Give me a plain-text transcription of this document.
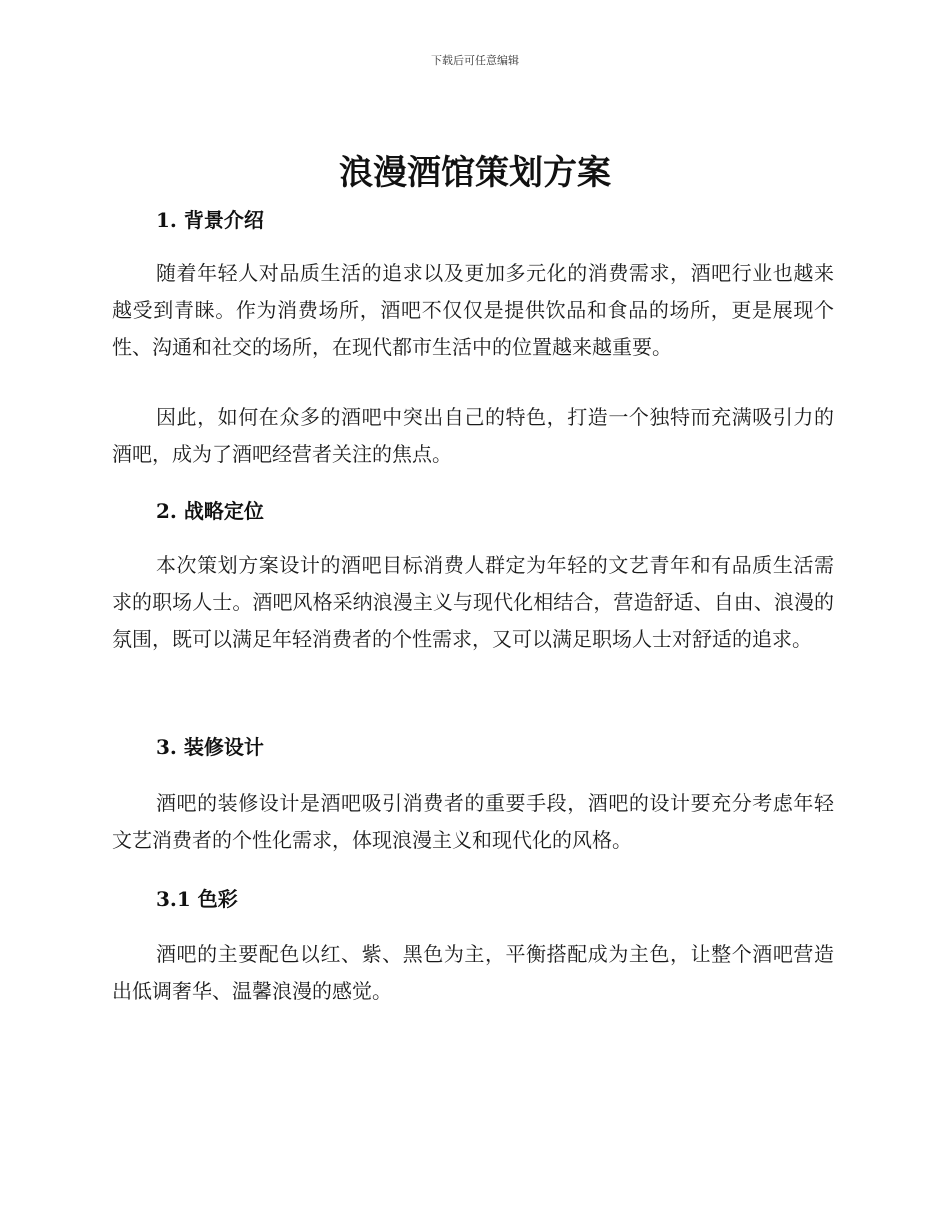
下载后可任意编辑
浪漫酒馆策划方案
1. 背景介绍

随着年轻人对品质生活的追求以及更加多元化的消费需求，酒吧行业也越来越受到青睐。作为消费场所，酒吧不仅仅是提供饮品和食品的场所，更是展现个性、沟通和社交的场所，在现代都市生活中的位置越来越重要。

因此，如何在众多的酒吧中突出自己的特色，打造一个独特而充满吸引力的酒吧，成为了酒吧经营者关注的焦点。

2. 战略定位

本次策划方案设计的酒吧目标消费人群定为年轻的文艺青年和有品质生活需求的职场人士。酒吧风格采纳浪漫主义与现代化相结合，营造舒适、自由、浪漫的氛围，既可以满足年轻消费者的个性需求，又可以满足职场人士对舒适的追求。

3. 装修设计

酒吧的装修设计是酒吧吸引消费者的重要手段，酒吧的设计要充分考虑年轻文艺消费者的个性化需求，体现浪漫主义和现代化的风格。

3.1 色彩

酒吧的主要配色以红、紫、黑色为主，平衡搭配成为主色，让整个酒吧营造出低调奢华、温馨浪漫的感觉。
